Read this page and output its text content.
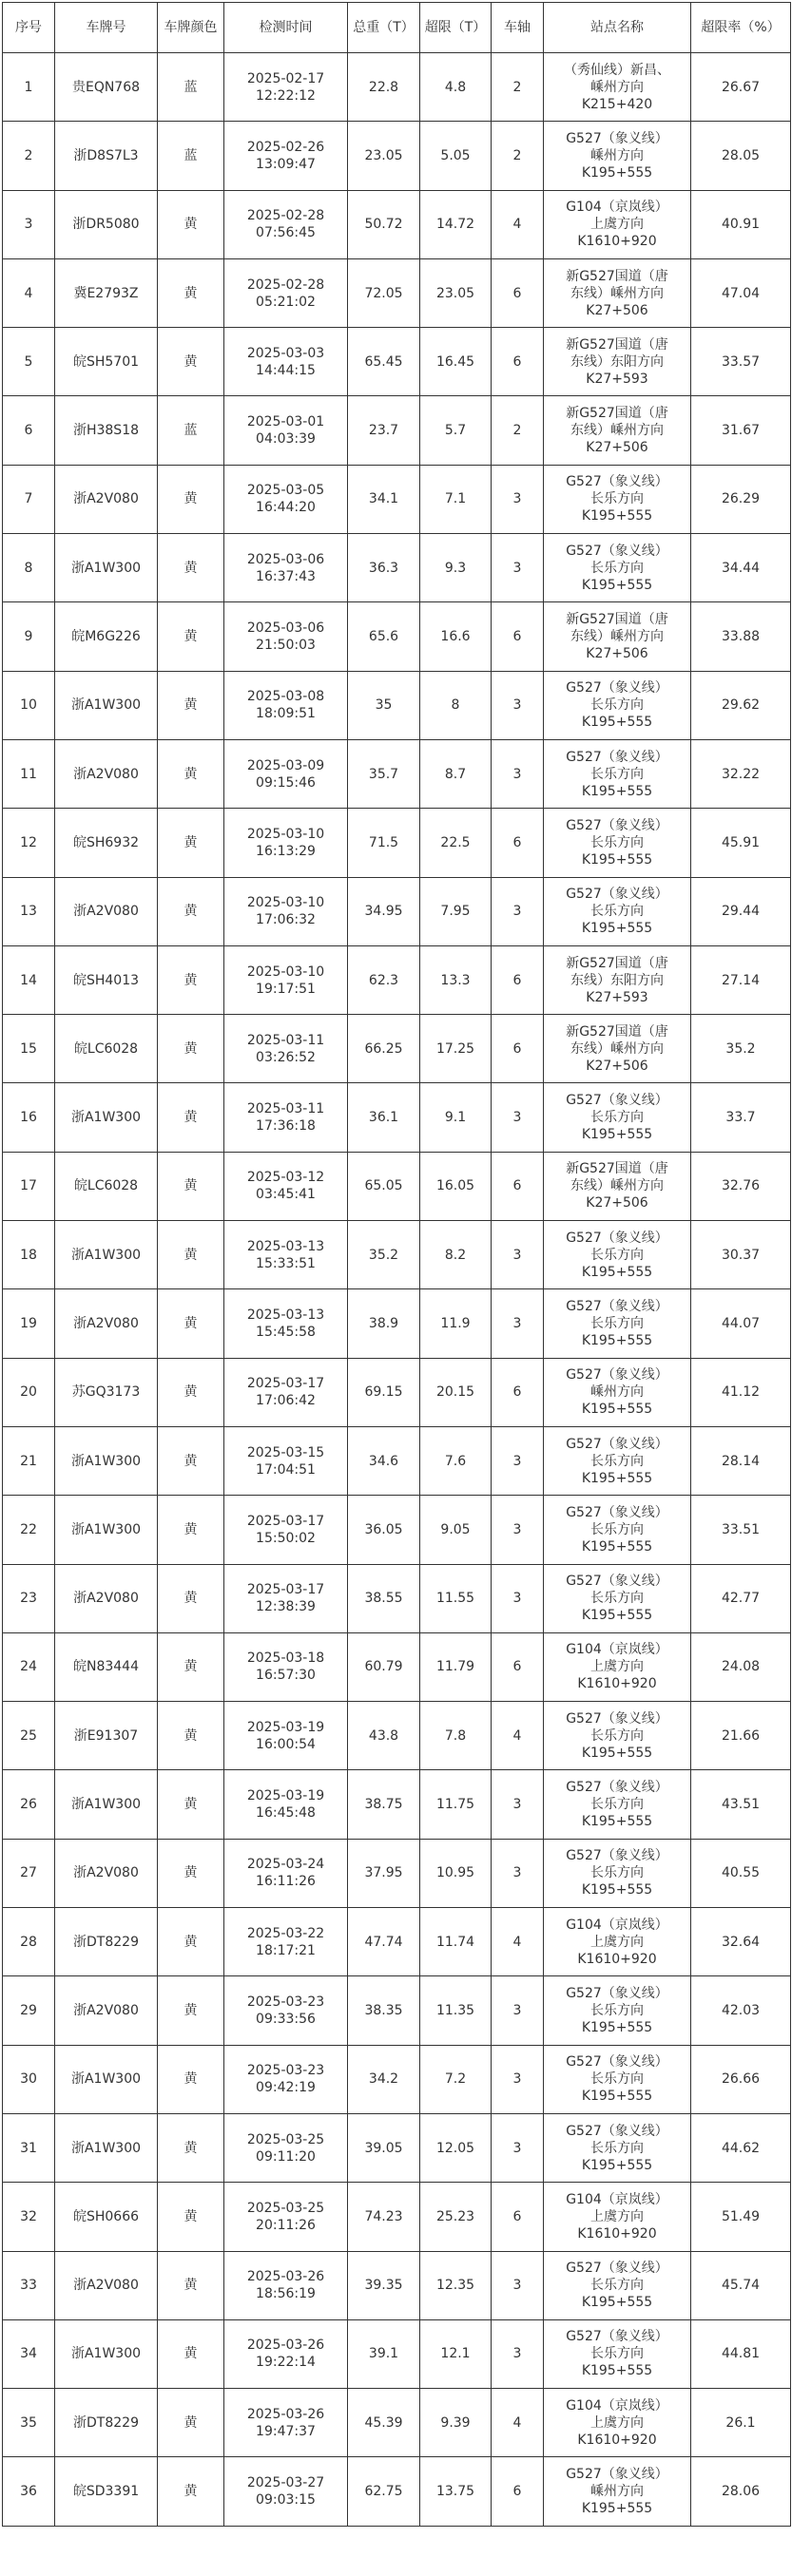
序号	车牌号	车牌颜色	检测时间	总重（T）	超限（T）	车轴	站点名称	超限率（%）
1	贵EQN768	蓝	2025-02-17
12:22:12	22.8	4.8	2	（秀仙线）新昌、
嵊州方向
K215+420	26.67
2	浙D8S7L3	蓝	2025-02-26
13:09:47	23.05	5.05	2	G527（象义线）
嵊州方向
K195+555	28.05
3	浙DR5080	黄	2025-02-28
07:56:45	50.72	14.72	4	G104（京岚线）
上虞方向
K1610+920	40.91
4	冀E2793Z	黄	2025-02-28
05:21:02	72.05	23.05	6	新G527国道（唐
东线）嵊州方向
K27+506	47.04
5	皖SH5701	黄	2025-03-03
14:44:15	65.45	16.45	6	新G527国道（唐
东线）东阳方向
K27+593	33.57
6	浙H38S18	蓝	2025-03-01
04:03:39	23.7	5.7	2	新G527国道（唐
东线）嵊州方向
K27+506	31.67
7	浙A2V080	黄	2025-03-05
16:44:20	34.1	7.1	3	G527（象义线）
长乐方向
K195+555	26.29
8	浙A1W300	黄	2025-03-06
16:37:43	36.3	9.3	3	G527（象义线）
长乐方向
K195+555	34.44
9	皖M6G226	黄	2025-03-06
21:50:03	65.6	16.6	6	新G527国道（唐
东线）嵊州方向
K27+506	33.88
10	浙A1W300	黄	2025-03-08
18:09:51	35	8	3	G527（象义线）
长乐方向
K195+555	29.62
11	浙A2V080	黄	2025-03-09
09:15:46	35.7	8.7	3	G527（象义线）
长乐方向
K195+555	32.22
12	皖SH6932	黄	2025-03-10
16:13:29	71.5	22.5	6	G527（象义线）
长乐方向
K195+555	45.91
13	浙A2V080	黄	2025-03-10
17:06:32	34.95	7.95	3	G527（象义线）
长乐方向
K195+555	29.44
14	皖SH4013	黄	2025-03-10
19:17:51	62.3	13.3	6	新G527国道（唐
东线）东阳方向
K27+593	27.14
15	皖LC6028	黄	2025-03-11
03:26:52	66.25	17.25	6	新G527国道（唐
东线）嵊州方向
K27+506	35.2
16	浙A1W300	黄	2025-03-11
17:36:18	36.1	9.1	3	G527（象义线）
长乐方向
K195+555	33.7
17	皖LC6028	黄	2025-03-12
03:45:41	65.05	16.05	6	新G527国道（唐
东线）嵊州方向
K27+506	32.76
18	浙A1W300	黄	2025-03-13
15:33:51	35.2	8.2	3	G527（象义线）
长乐方向
K195+555	30.37
19	浙A2V080	黄	2025-03-13
15:45:58	38.9	11.9	3	G527（象义线）
长乐方向
K195+555	44.07
20	苏GQ3173	黄	2025-03-17
17:06:42	69.15	20.15	6	G527（象义线）
嵊州方向
K195+555	41.12
21	浙A1W300	黄	2025-03-15
17:04:51	34.6	7.6	3	G527（象义线）
长乐方向
K195+555	28.14
22	浙A1W300	黄	2025-03-17
15:50:02	36.05	9.05	3	G527（象义线）
长乐方向
K195+555	33.51
23	浙A2V080	黄	2025-03-17
12:38:39	38.55	11.55	3	G527（象义线）
长乐方向
K195+555	42.77
24	皖N83444	黄	2025-03-18
16:57:30	60.79	11.79	6	G104（京岚线）
上虞方向
K1610+920	24.08
25	浙E91307	黄	2025-03-19
16:00:54	43.8	7.8	4	G527（象义线）
长乐方向
K195+555	21.66
26	浙A1W300	黄	2025-03-19
16:45:48	38.75	11.75	3	G527（象义线）
长乐方向
K195+555	43.51
27	浙A2V080	黄	2025-03-24
16:11:26	37.95	10.95	3	G527（象义线）
长乐方向
K195+555	40.55
28	浙DT8229	黄	2025-03-22
18:17:21	47.74	11.74	4	G104（京岚线）
上虞方向
K1610+920	32.64
29	浙A2V080	黄	2025-03-23
09:33:56	38.35	11.35	3	G527（象义线）
长乐方向
K195+555	42.03
30	浙A1W300	黄	2025-03-23
09:42:19	34.2	7.2	3	G527（象义线）
长乐方向
K195+555	26.66
31	浙A1W300	黄	2025-03-25
09:11:20	39.05	12.05	3	G527（象义线）
长乐方向
K195+555	44.62
32	皖SH0666	黄	2025-03-25
20:11:26	74.23	25.23	6	G104（京岚线）
上虞方向
K1610+920	51.49
33	浙A2V080	黄	2025-03-26
18:56:19	39.35	12.35	3	G527（象义线）
长乐方向
K195+555	45.74
34	浙A1W300	黄	2025-03-26
19:22:14	39.1	12.1	3	G527（象义线）
长乐方向
K195+555	44.81
35	浙DT8229	黄	2025-03-26
19:47:37	45.39	9.39	4	G104（京岚线）
上虞方向
K1610+920	26.1
36	皖SD3391	黄	2025-03-27
09:03:15	62.75	13.75	6	G527（象义线）
嵊州方向
K195+555	28.06
